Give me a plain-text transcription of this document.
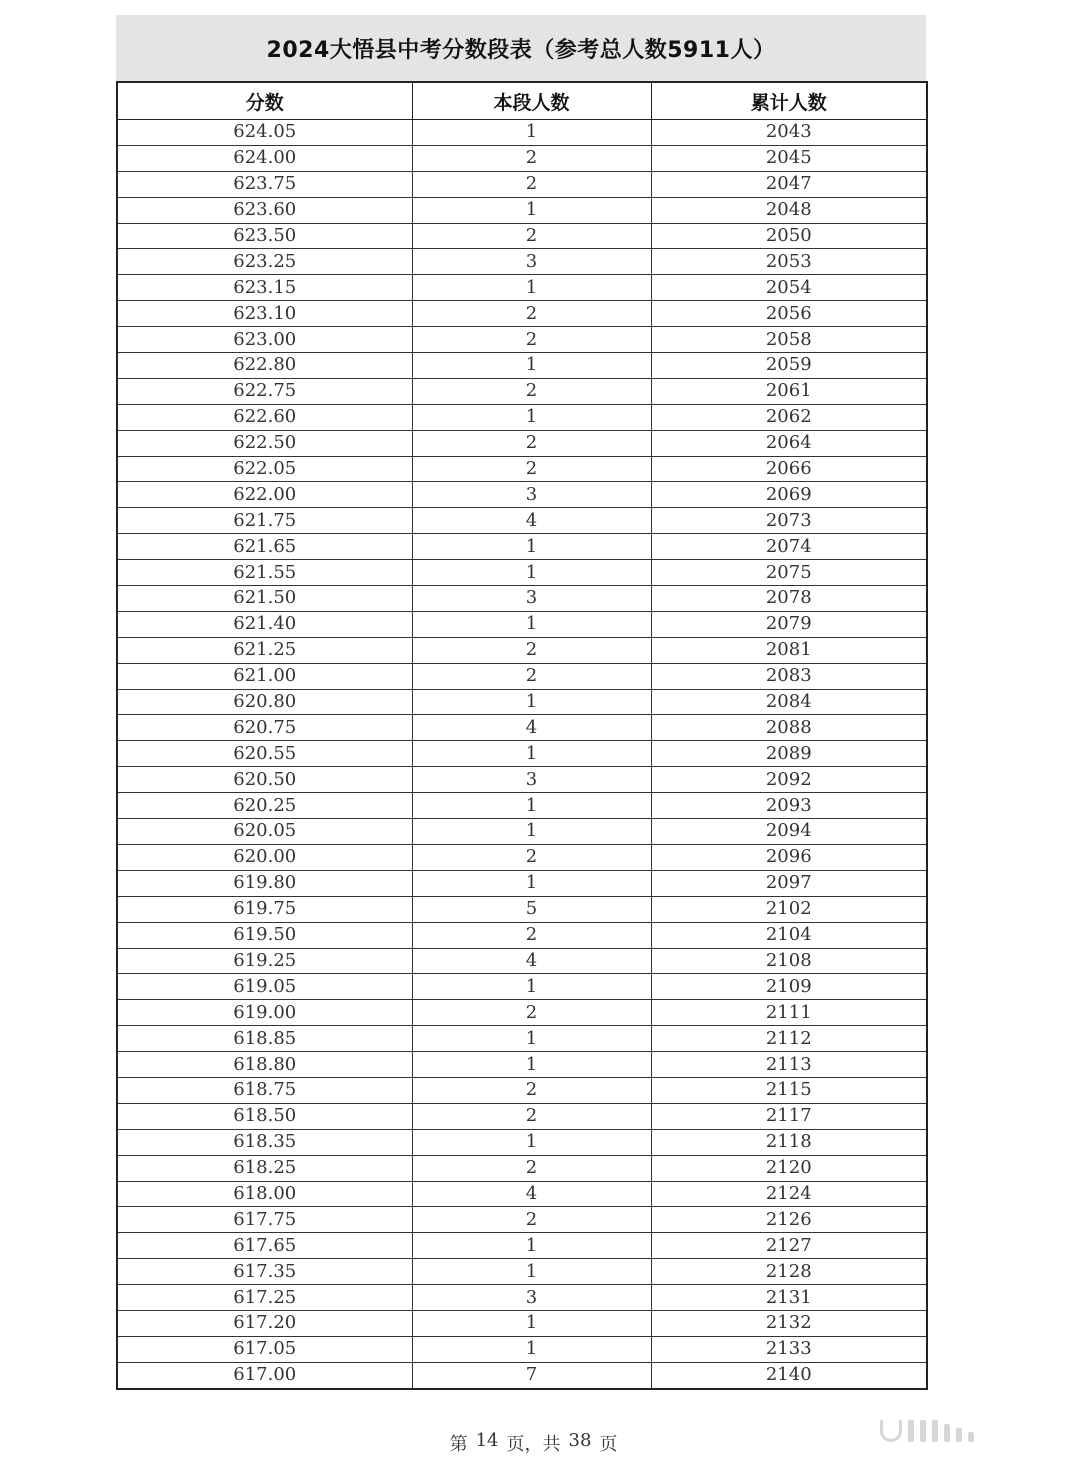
2024大悟县中考分数段表（参考总人数5911人）
分数	本段人数	累计人数
624.05	1	2043
624.00	2	2045
623.75	2	2047
623.60	1	2048
623.50	2	2050
623.25	3	2053
623.15	1	2054
623.10	2	2056
623.00	2	2058
622.80	1	2059
622.75	2	2061
622.60	1	2062
622.50	2	2064
622.05	2	2066
622.00	3	2069
621.75	4	2073
621.65	1	2074
621.55	1	2075
621.50	3	2078
621.40	1	2079
621.25	2	2081
621.00	2	2083
620.80	1	2084
620.75	4	2088
620.55	1	2089
620.50	3	2092
620.25	1	2093
620.05	1	2094
620.00	2	2096
619.80	1	2097
619.75	5	2102
619.50	2	2104
619.25	4	2108
619.05	1	2109
619.00	2	2111
618.85	1	2112
618.80	1	2113
618.75	2	2115
618.50	2	2117
618.35	1	2118
618.25	2	2120
618.00	4	2124
617.75	2	2126
617.65	1	2127
617.35	1	2128
617.25	3	2131
617.20	1	2132
617.05	1	2133
617.00	7	2140
第 14 页，共 38 页
